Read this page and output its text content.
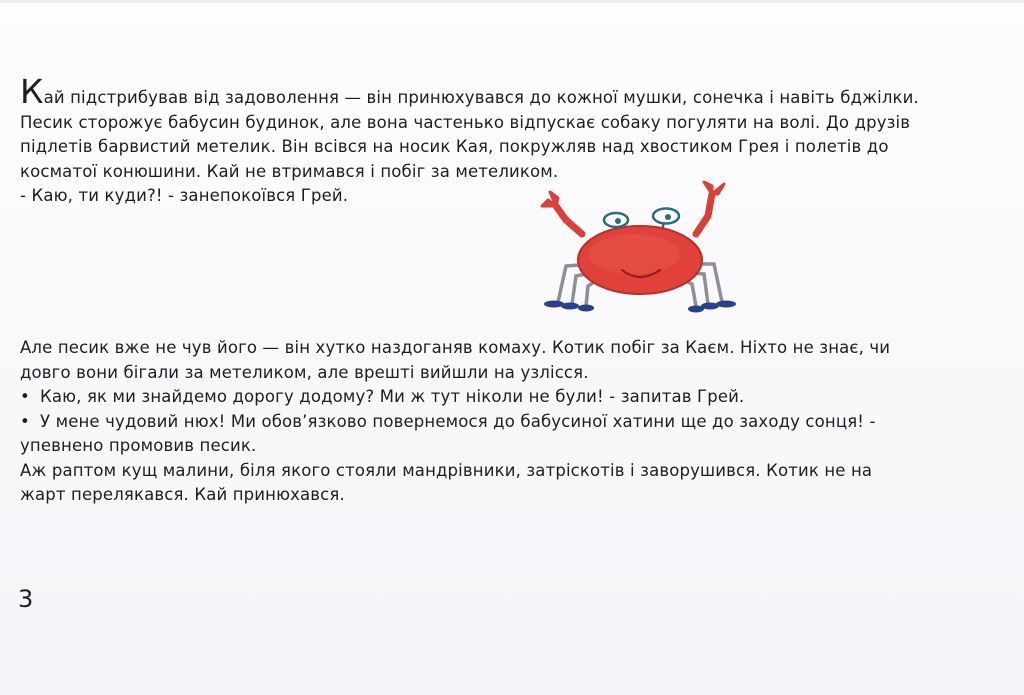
Кай підстрибував від задоволення — він принюхувався до кожної мушки, сонечка і навіть бджілки.

Песик сторожує бабусин будинок, але вона частенько відпускає собаку погуляти на волі. До друзів

підлетів барвистий метелик. Він всівся на носик Кая, покружляв над хвостиком Грея і полетів до

косматої конюшини. Кай не втримався і побіг за метеликом.

- Каю, ти куди?! - занепокоївся Грей.

Але песик вже не чув його — він хутко наздоганяв комаху. Котик побіг за Каєм. Ніхто не знає, чи

довго вони бігали за метеликом, але врешті вийшли на узлісся.

• Каю, як ми знайдемо дорогу додому? Ми ж тут ніколи не були! - запитав Грей.
• У мене чудовий нюх! Ми обов’язково повернемося до бабусиної хатини ще до заходу сонця! -

упевнено промовив песик.

Аж раптом кущ малини, біля якого стояли мандрівники, затріскотів і заворушився. Котик не на

жарт перелякався. Кай принюхався.

3
